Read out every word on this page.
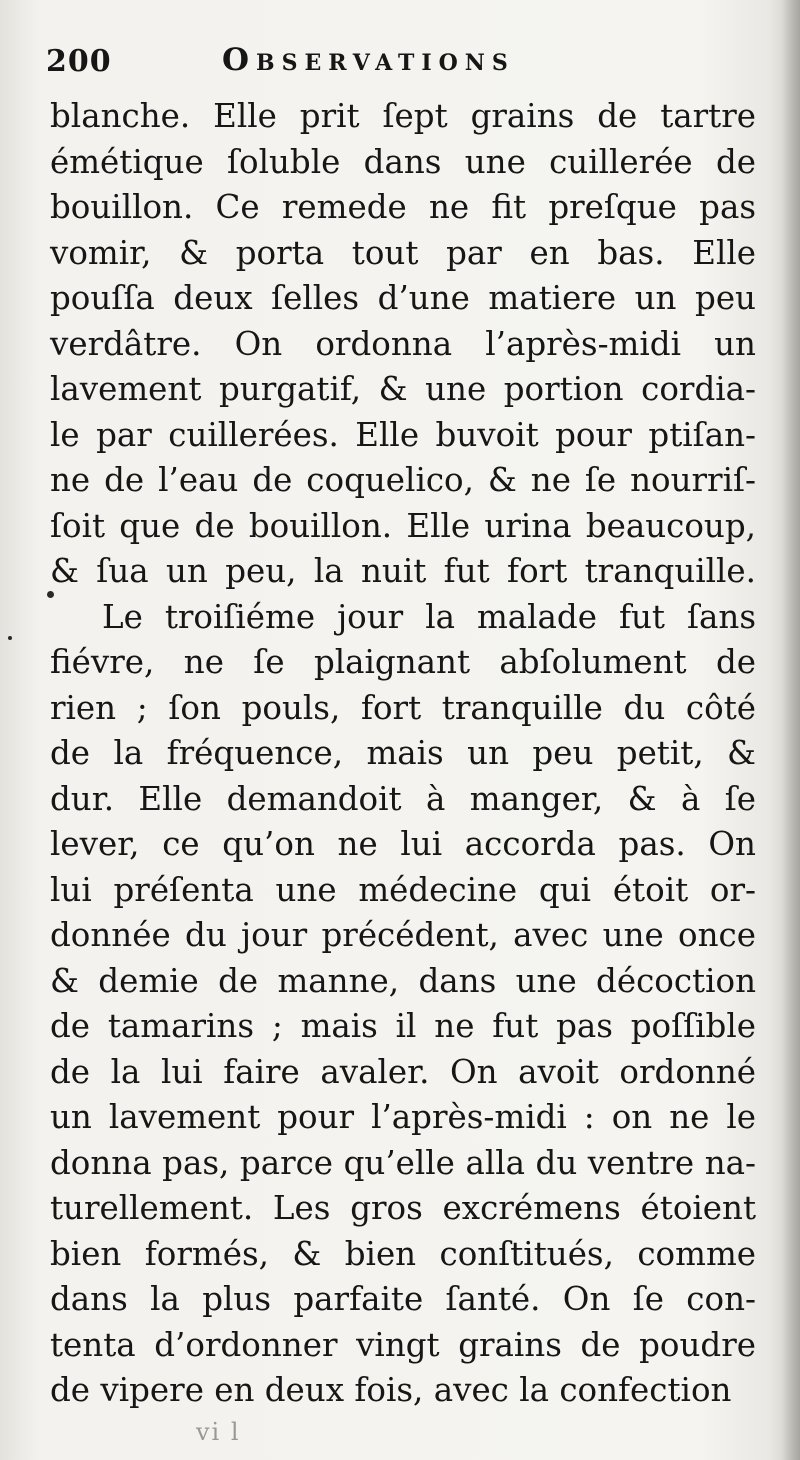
200	Observations
blanche. Elle prit ſept grains de tartre
émétique ſoluble dans une cuillerée de
bouillon. Ce remede ne fit preſque pas
vomir, & porta tout par en bas. Elle
pouſſa deux ſelles d’une matiere un peu
verdâtre. On ordonna l’après-midi un
lavement purgatif, & une portion cordia-
le par cuillerées. Elle buvoit pour ptiſan-
ne de l’eau de coquelico, & ne ſe nourriſ-
ſoit que de bouillon. Elle urina beaucoup,
& ſua un peu, la nuit fut fort tranquille.
Le troiſiéme jour la malade fut ſans
fiévre, ne ſe plaignant abſolument de
rien ; ſon pouls, fort tranquille du côté
de la fréquence, mais un peu petit, &
dur. Elle demandoit à manger, & à ſe
lever, ce qu’on ne lui accorda pas. On
lui préſenta une médecine qui étoit or-
donnée du jour précédent, avec une once
& demie de manne, dans une décoction
de tamarins ; mais il ne fut pas poſſible
de la lui faire avaler. On avoit ordonné
un lavement pour l’après-midi : on ne le
donna pas, parce qu’elle alla du ventre na-
turellement. Les gros excrémens étoient
bien formés, & bien conſtitués, comme
dans la plus parfaite ſanté. On ſe con-
tenta d’ordonner vingt grains de poudre
de vipere en deux fois, avec la confection
vi l
